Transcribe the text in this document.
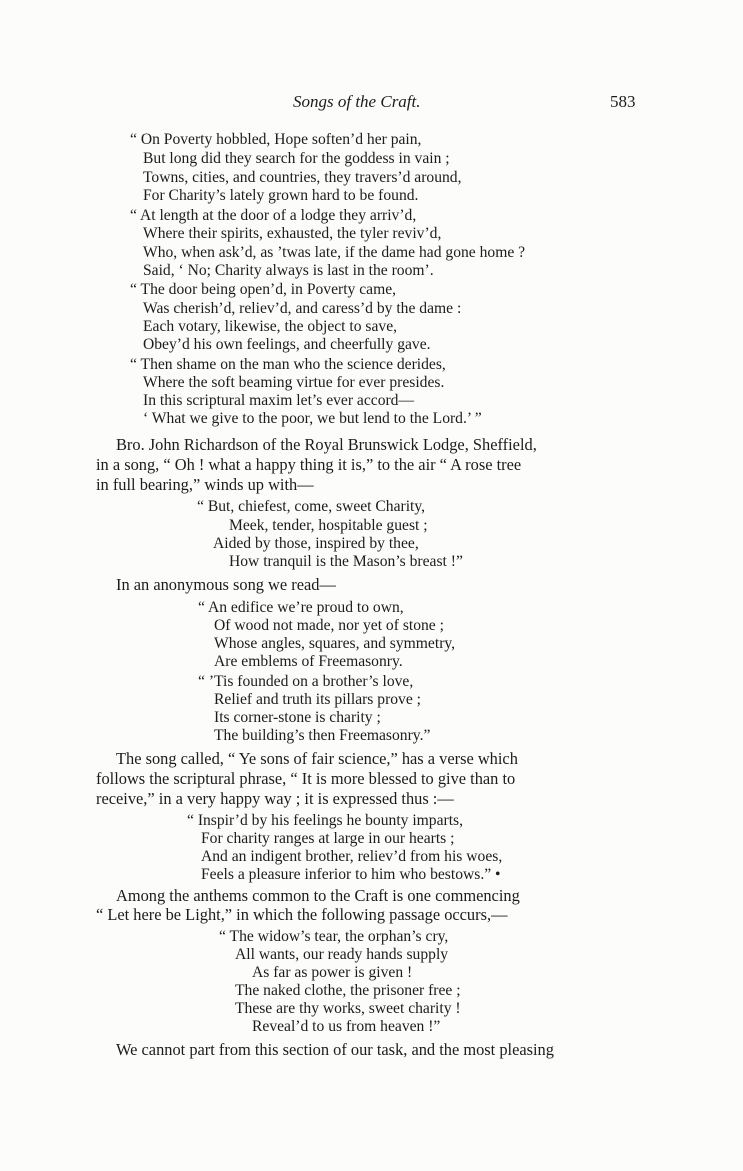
Songs of the Craft.	583
“ On Poverty hobbled, Hope soften’d her pain,
But long did they search for the goddess in vain ;
Towns, cities, and countries, they travers’d around,
For Charity’s lately grown hard to be found.
“ At length at the door of a lodge they arriv’d,
Where their spirits, exhausted, the tyler reviv’d,
Who, when ask’d, as ’twas late, if the dame had gone home ?
Said, ‘ No; Charity always is last in the room’.
“ The door being open’d, in Poverty came,
Was cherish’d, reliev’d, and caress’d by the dame :
Each votary, likewise, the object to save,
Obey’d his own feelings, and cheerfully gave.
“ Then shame on the man who the science derides,
Where the soft beaming virtue for ever presides.
In this scriptural maxim let’s ever accord—
‘ What we give to the poor, we but lend to the Lord.’ ”
Bro. John Richardson of the Royal Brunswick Lodge, Sheffield,
in a song, “ Oh ! what a happy thing it is,” to the air “ A rose tree
in full bearing,” winds up with—
“ But, chiefest, come, sweet Charity,
Meek, tender, hospitable guest ;
Aided by those, inspired by thee,
How tranquil is the Mason’s breast !”
In an anonymous song we read—
“ An edifice we’re proud to own,
Of wood not made, nor yet of stone ;
Whose angles, squares, and symmetry,
Are emblems of Freemasonry.
“ ’Tis founded on a brother’s love,
Relief and truth its pillars prove ;
Its corner-stone is charity ;
The building’s then Freemasonry.”
The song called, “ Ye sons of fair science,” has a verse which
follows the scriptural phrase, “ It is more blessed to give than to
receive,” in a very happy way ; it is expressed thus :—
“ Inspir’d by his feelings he bounty imparts,
For charity ranges at large in our hearts ;
And an indigent brother, reliev’d from his woes,
Feels a pleasure inferior to him who bestows.” •
Among the anthems common to the Craft is one commencing
“ Let here be Light,” in which the following passage occurs,—
“ The widow’s tear, the orphan’s cry,
All wants, our ready hands supply
As far as power is given !
The naked clothe, the prisoner free ;
These are thy works, sweet charity !
Reveal’d to us from heaven !”
We cannot part from this section of our task, and the most pleasing
